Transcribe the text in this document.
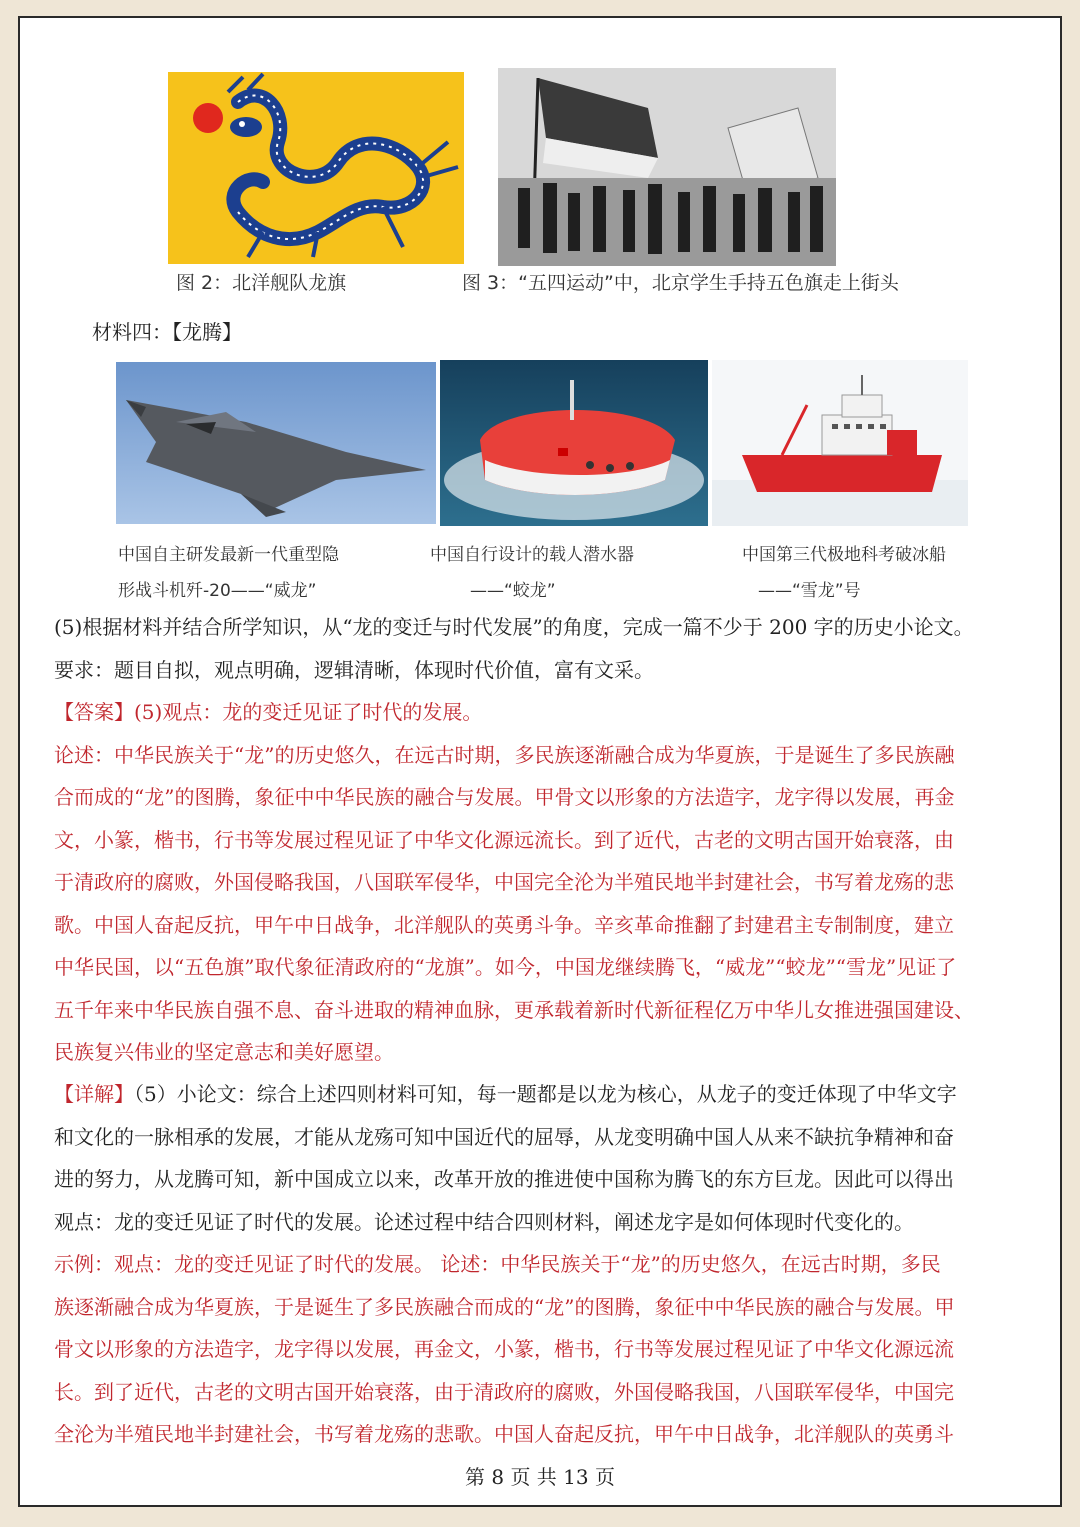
图 2：北洋舰队龙旗	图 3：“五四运动”中，北京学生手持五色旗走上街头
材料四：【龙腾】
中国自主研发最新一代重型隐
形战斗机歼-20——“威龙”
中国自行设计的载人潜水器
——“蛟龙”
中国第三代极地科考破冰船
——“雪龙”号
(5)根据材料并结合所学知识，从“龙的变迁与时代发展”的角度，完成一篇不少于 200 字的历史小论文。
要求：题目自拟，观点明确，逻辑清晰，体现时代价值，富有文采。
【答案】(5)观点：龙的变迁见证了时代的发展。
论述：中华民族关于“龙”的历史悠久，在远古时期，多民族逐渐融合成为华夏族，于是诞生了多民族融
合而成的“龙”的图腾，象征中中华民族的融合与发展。甲骨文以形象的方法造字，龙字得以发展，再金
文，小篆，楷书，行书等发展过程见证了中华文化源远流长。到了近代，古老的文明古国开始衰落，由
于清政府的腐败，外国侵略我国，八国联军侵华，中国完全沦为半殖民地半封建社会，书写着龙殇的悲
歌。中国人奋起反抗，甲午中日战争，北洋舰队的英勇斗争。辛亥革命推翻了封建君主专制制度，建立
中华民国，以“五色旗”取代象征清政府的“龙旗”。如今，中国龙继续腾飞，“威龙”“蛟龙”“雪龙”见证了
五千年来中华民族自强不息、奋斗进取的精神血脉，更承载着新时代新征程亿万中华儿女推进强国建设、
民族复兴伟业的坚定意志和美好愿望。
【详解】（5）小论文：综合上述四则材料可知，每一题都是以龙为核心，从龙子的变迁体现了中华文字
和文化的一脉相承的发展，才能从龙殇可知中国近代的屈辱，从龙变明确中国人从来不缺抗争精神和奋
进的努力，从龙腾可知，新中国成立以来，改革开放的推进使中国称为腾飞的东方巨龙。因此可以得出
观点：龙的变迁见证了时代的发展。论述过程中结合四则材料，阐述龙字是如何体现时代变化的。
示例：观点：龙的变迁见证了时代的发展。 论述：中华民族关于“龙”的历史悠久，在远古时期，多民
族逐渐融合成为华夏族，于是诞生了多民族融合而成的“龙”的图腾，象征中中华民族的融合与发展。甲
骨文以形象的方法造字，龙字得以发展，再金文，小篆，楷书，行书等发展过程见证了中华文化源远流
长。到了近代，古老的文明古国开始衰落，由于清政府的腐败，外国侵略我国，八国联军侵华，中国完
全沦为半殖民地半封建社会，书写着龙殇的悲歌。中国人奋起反抗，甲午中日战争，北洋舰队的英勇斗
第 8 页 共 13 页
